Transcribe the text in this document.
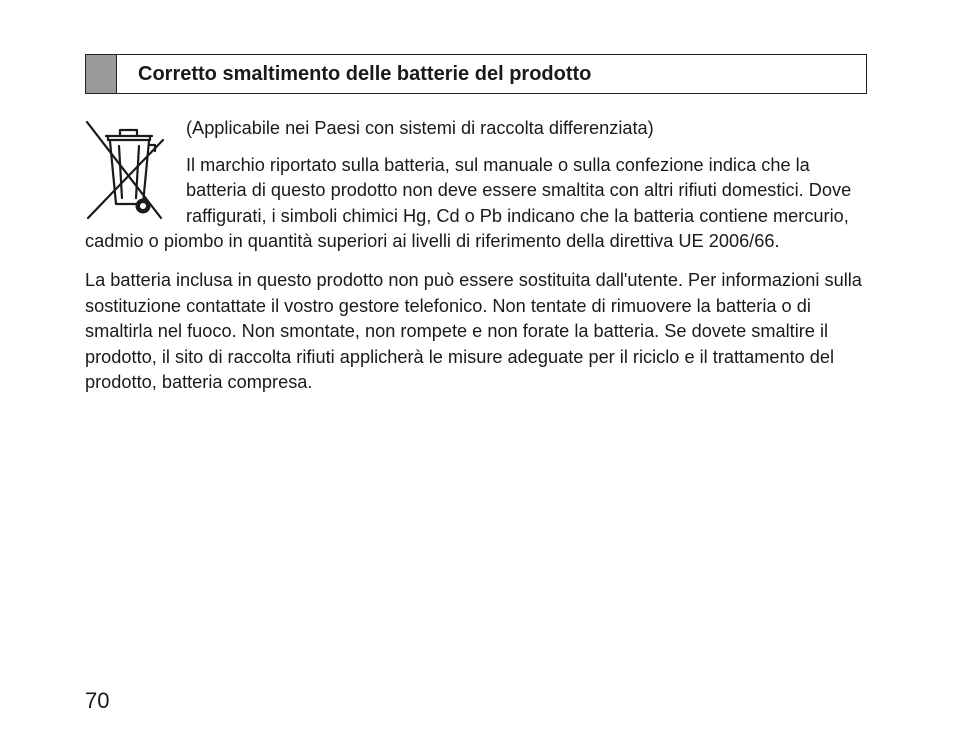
Corretto smaltimento delle batterie del prodotto

(Applicabile nei Paesi con sistemi di raccolta differenziata)

Il marchio riportato sulla batteria, sul manuale o sulla confezione indica che la batteria di questo prodotto non deve essere smaltita con altri rifiuti domestici. Dove raffigurati, i simboli chimici Hg, Cd o Pb indicano che la batteria contiene mercurio, cadmio o piombo in quantità superiori ai livelli di riferimento della direttiva UE 2006/66.

La batteria inclusa in questo prodotto non può essere sostituita dall'utente. Per informazioni sulla sostituzione contattate il vostro gestore telefonico. Non tentate di rimuovere la batteria o di smaltirla nel fuoco. Non smontate, non rompete e non forate la batteria. Se dovete smaltire il prodotto, il sito di raccolta rifiuti applicherà le misure adeguate per il riciclo e il trattamento del prodotto, batteria compresa.

70
